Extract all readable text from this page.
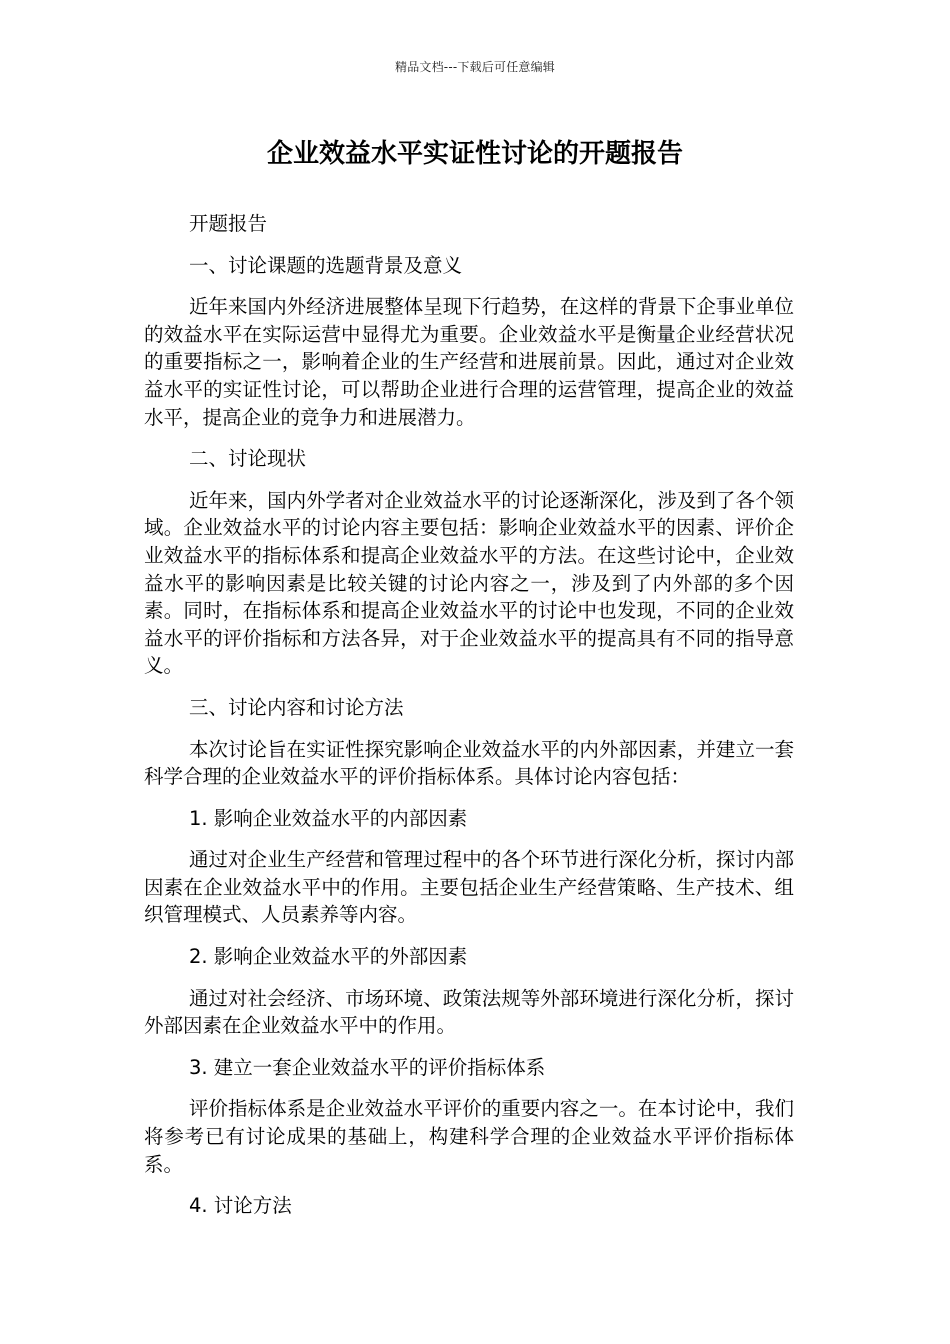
精品文档---下载后可任意编辑
企业效益水平实证性讨论的开题报告

开题报告

一、讨论课题的选题背景及意义

近年来国内外经济进展整体呈现下行趋势，在这样的背景下企事业单位的效益水平在实际运营中显得尤为重要。企业效益水平是衡量企业经营状况的重要指标之一，影响着企业的生产经营和进展前景。因此，通过对企业效益水平的实证性讨论，可以帮助企业进行合理的运营管理，提高企业的效益水平，提高企业的竞争力和进展潜力。

二、讨论现状

近年来，国内外学者对企业效益水平的讨论逐渐深化，涉及到了各个领域。企业效益水平的讨论内容主要包括：影响企业效益水平的因素、评价企业效益水平的指标体系和提高企业效益水平的方法。在这些讨论中，企业效益水平的影响因素是比较关键的讨论内容之一，涉及到了内外部的多个因素。同时，在指标体系和提高企业效益水平的讨论中也发现，不同的企业效益水平的评价指标和方法各异，对于企业效益水平的提高具有不同的指导意义。

三、讨论内容和讨论方法

本次讨论旨在实证性探究影响企业效益水平的内外部因素，并建立一套科学合理的企业效益水平的评价指标体系。具体讨论内容包括：

1. 影响企业效益水平的内部因素

通过对企业生产经营和管理过程中的各个环节进行深化分析，探讨内部因素在企业效益水平中的作用。主要包括企业生产经营策略、生产技术、组织管理模式、人员素养等内容。

2. 影响企业效益水平的外部因素

通过对社会经济、市场环境、政策法规等外部环境进行深化分析，探讨外部因素在企业效益水平中的作用。

3. 建立一套企业效益水平的评价指标体系

评价指标体系是企业效益水平评价的重要内容之一。在本讨论中，我们将参考已有讨论成果的基础上，构建科学合理的企业效益水平评价指标体系。

4. 讨论方法
